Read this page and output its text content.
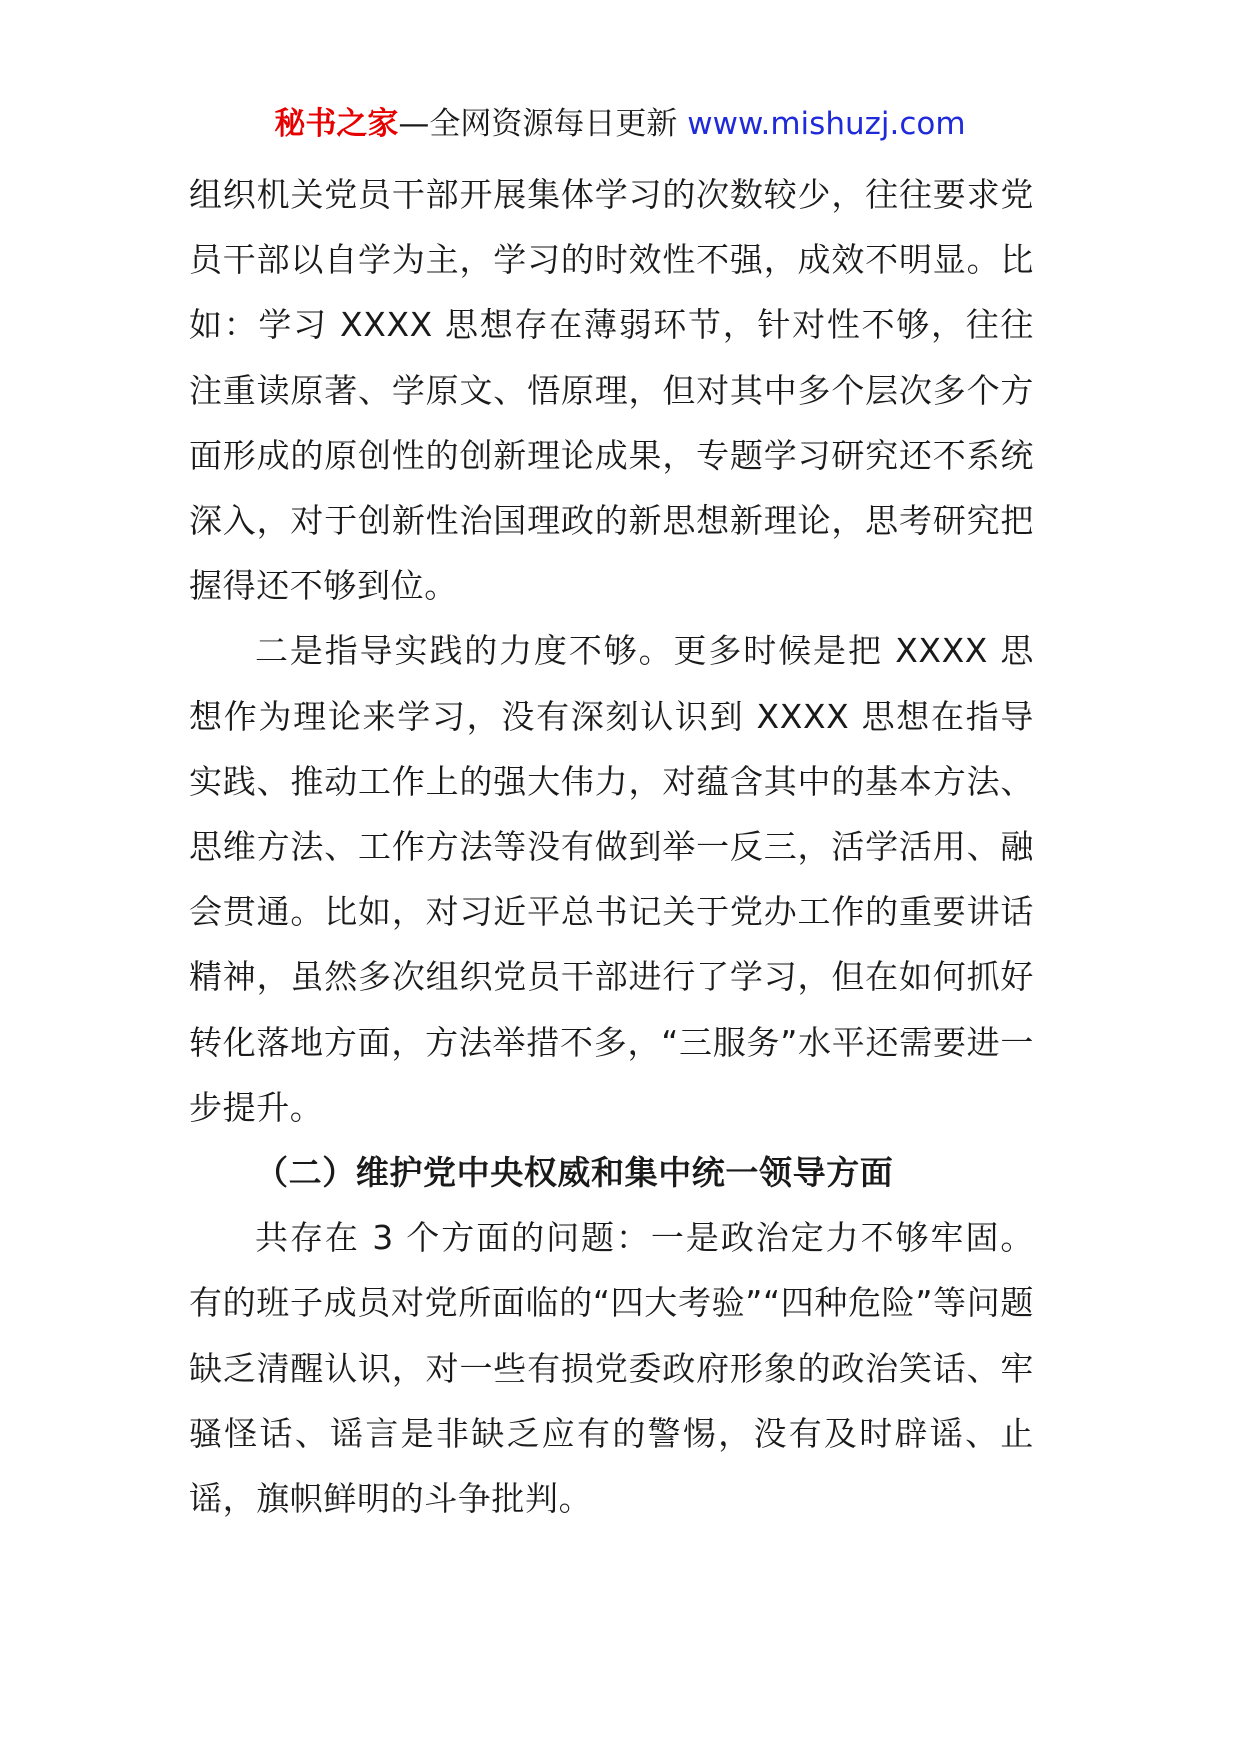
秘书之家—全网资源每日更新 www.mishuzj.com

组织机关党员干部开展集体学习的次数较少，往往要求党员干部以自学为主，学习的时效性不强，成效不明显。比如：学习 XXXX 思想存在薄弱环节，针对性不够，往往注重读原著、学原文、悟原理，但对其中多个层次多个方面形成的原创性的创新理论成果，专题学习研究还不系统深入，对于创新性治国理政的新思想新理论，思考研究把握得还不够到位。

二是指导实践的力度不够。更多时候是把 XXXX 思想作为理论来学习，没有深刻认识到 XXXX 思想在指导实践、推动工作上的强大伟力，对蕴含其中的基本方法、思维方法、工作方法等没有做到举一反三，活学活用、融会贯通。比如，对习近平总书记关于党办工作的重要讲话精神，虽然多次组织党员干部进行了学习，但在如何抓好转化落地方面，方法举措不多，“三服务”水平还需要进一步提升。

（二）维护党中央权威和集中统一领导方面

共存在 3 个方面的问题：一是政治定力不够牢固。有的班子成员对党所面临的“四大考验”“四种危险”等问题缺乏清醒认识，对一些有损党委政府形象的政治笑话、牢骚怪话、谣言是非缺乏应有的警惕，没有及时辟谣、止谣，旗帜鲜明的斗争批判。
